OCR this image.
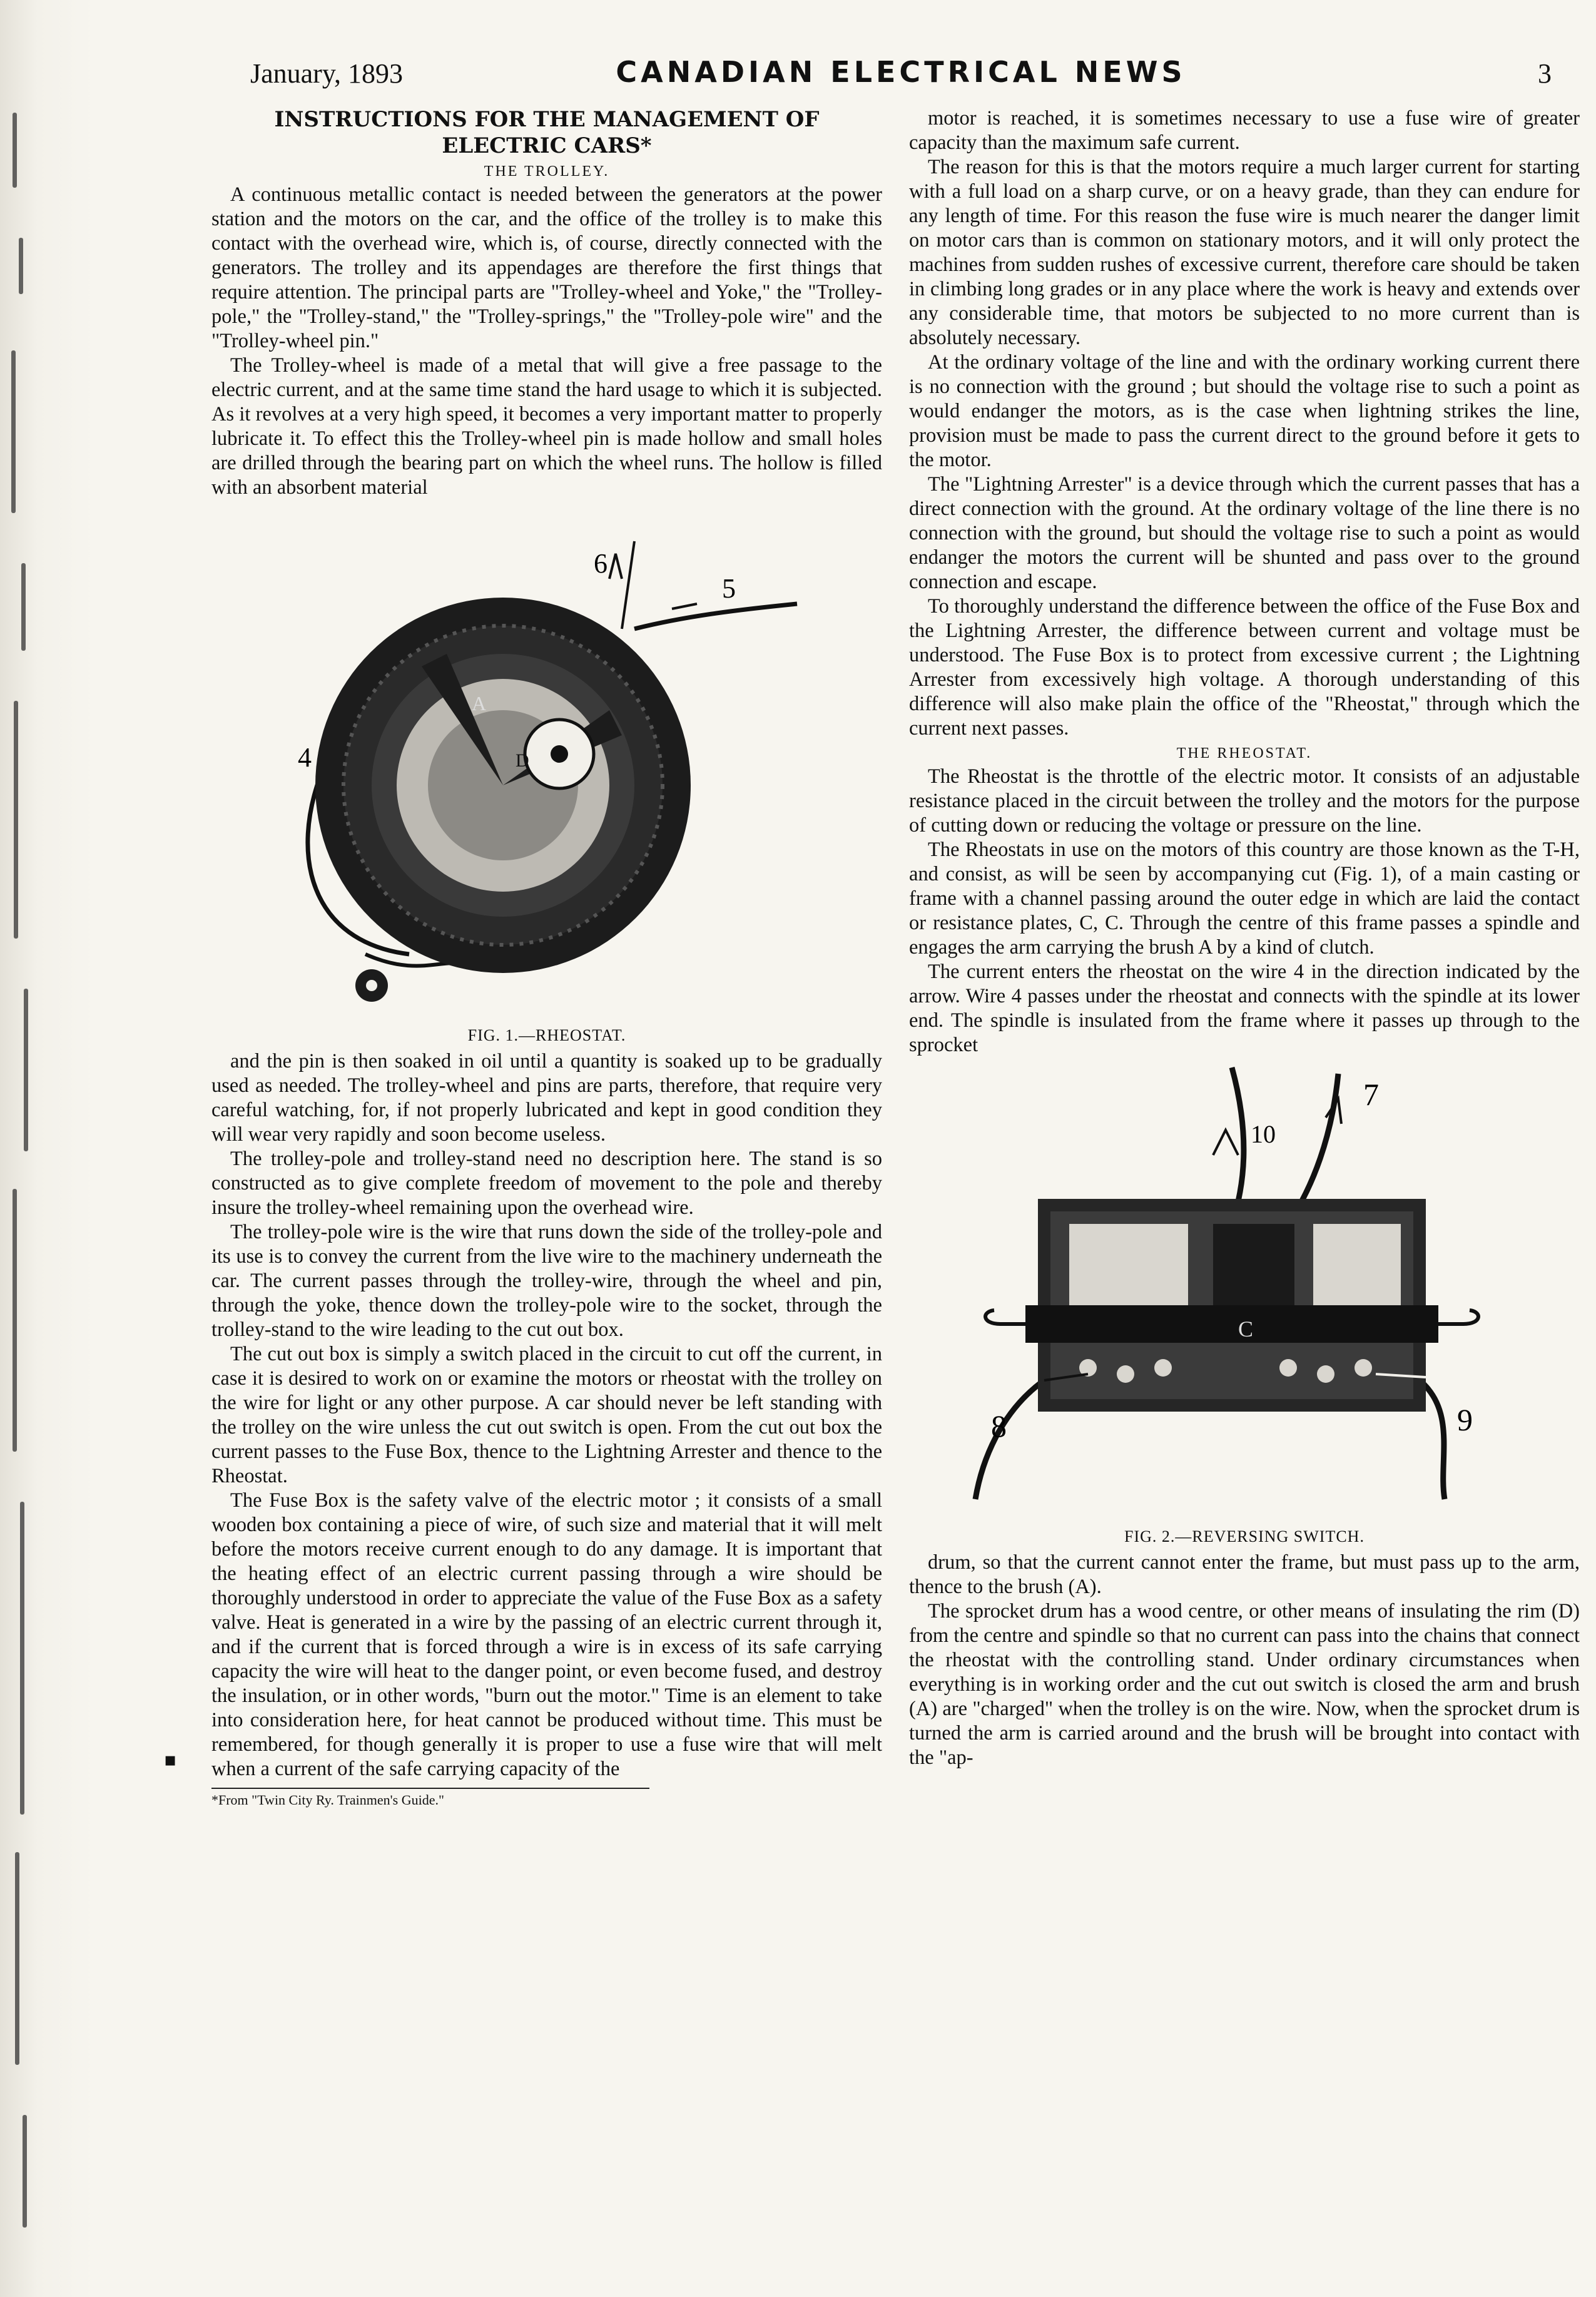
January, 1893	CANADIAN ELECTRICAL NEWS	3
▪
INSTRUCTIONS FOR THE MANAGEMENT OF ELECTRIC CARS*
THE TROLLEY.

A continuous metallic contact is needed between the generators at the power station and the motors on the car, and the office of the trolley is to make this contact with the overhead wire, which is, of course, directly connected with the generators. The trolley and its appendages are therefore the first things that require attention. The principal parts are "Trolley-wheel and Yoke," the "Trolley-pole," the "Trolley-stand," the "Trolley-springs," the "Trolley-pole wire" and the "Trolley-wheel pin."

The Trolley-wheel is made of a metal that will give a free passage to the electric current, and at the same time stand the hard usage to which it is subjected. As it revolves at a very high speed, it becomes a very important matter to properly lubricate it. To effect this the Trolley-wheel pin is made hollow and small holes are drilled through the bearing part on which the wheel runs. The hollow is filled with an absorbent material

6
5
4
A
D
FIG. 1.—RHEOSTAT.

and the pin is then soaked in oil until a quantity is soaked up to be gradually used as needed. The trolley-wheel and pins are parts, therefore, that require very careful watching, for, if not properly lubricated and kept in good condition they will wear very rapidly and soon become useless.

The trolley-pole and trolley-stand need no description here. The stand is so constructed as to give complete freedom of movement to the pole and thereby insure the trolley-wheel remaining upon the overhead wire.

The trolley-pole wire is the wire that runs down the side of the trolley-pole and its use is to convey the current from the live wire to the machinery underneath the car. The current passes through the trolley-wire, through the wheel and pin, through the yoke, thence down the trolley-pole wire to the socket, through the trolley-stand to the wire leading to the cut out box.

The cut out box is simply a switch placed in the circuit to cut off the current, in case it is desired to work on or examine the motors or rheostat with the trolley on the wire for light or any other purpose. A car should never be left standing with the trolley on the wire unless the cut out switch is open. From the cut out box the current passes to the Fuse Box, thence to the Lightning Arrester and thence to the Rheostat.

The Fuse Box is the safety valve of the electric motor ; it consists of a small wooden box containing a piece of wire, of such size and material that it will melt before the motors receive current enough to do any damage. It is important that the heating effect of an electric current passing through a wire should be thoroughly understood in order to appreciate the value of the Fuse Box as a safety valve. Heat is generated in a wire by the passing of an electric current through it, and if the current that is forced through a wire is in excess of its safe carrying capacity the wire will heat to the danger point, or even become fused, and destroy the insulation, or in other words, "burn out the motor." Time is an element to take into consideration here, for heat cannot be produced without time. This must be remembered, for though generally it is proper to use a fuse wire that will melt when a current of the safe carrying capacity of the

*From "Twin City Ry. Trainmen's Guide."

motor is reached, it is sometimes necessary to use a fuse wire of greater capacity than the maximum safe current.

The reason for this is that the motors require a much larger current for starting with a full load on a sharp curve, or on a heavy grade, than they can endure for any length of time. For this reason the fuse wire is much nearer the danger limit on motor cars than is common on stationary motors, and it will only protect the machines from sudden rushes of excessive current, therefore care should be taken in climbing long grades or in any place where the work is heavy and extends over any considerable time, that motors be subjected to no more current than is absolutely necessary.

At the ordinary voltage of the line and with the ordinary working current there is no connection with the ground ; but should the voltage rise to such a point as would endanger the motors, as is the case when lightning strikes the line, provision must be made to pass the current direct to the ground before it gets to the motor.

The "Lightning Arrester" is a device through which the current passes that has a direct connection with the ground. At the ordinary voltage of the line there is no connection with the ground, but should the voltage rise to such a point as would endanger the motors the current will be shunted and pass over to the ground connection and escape.

To thoroughly understand the difference between the office of the Fuse Box and the Lightning Arrester, the difference between current and voltage must be understood. The Fuse Box is to protect from excessive current ; the Lightning Arrester from excessively high voltage. A thorough understanding of this difference will also make plain the office of the "Rheostat," through which the current next passes.

THE RHEOSTAT.

The Rheostat is the throttle of the electric motor. It consists of an adjustable resistance placed in the circuit between the trolley and the motors for the purpose of cutting down or reducing the voltage or pressure on the line.

The Rheostats in use on the motors of this country are those known as the T-H, and consist, as will be seen by accompanying cut (Fig. 1), of a main casting or frame with a channel passing around the outer edge in which are laid the contact or resistance plates, C, C. Through the centre of this frame passes a spindle and engages the arm carrying the brush A by a kind of clutch.

The current enters the rheostat on the wire 4 in the direction indicated by the arrow. Wire 4 passes under the rheostat and connects with the spindle at its lower end. The spindle is insulated from the frame where it passes up through to the sprocket

10
7
8	9
C
FIG. 2.—REVERSING SWITCH.

drum, so that the current cannot enter the frame, but must pass up to the arm, thence to the brush (A).

The sprocket drum has a wood centre, or other means of insulating the rim (D) from the centre and spindle so that no current can pass into the chains that connect the rheostat with the controlling stand. Under ordinary circumstances when everything is in working order and the cut out switch is closed the arm and brush (A) are "charged" when the trolley is on the wire. Now, when the sprocket drum is turned the arm is carried around and the brush will be brought into contact with the "ap-
